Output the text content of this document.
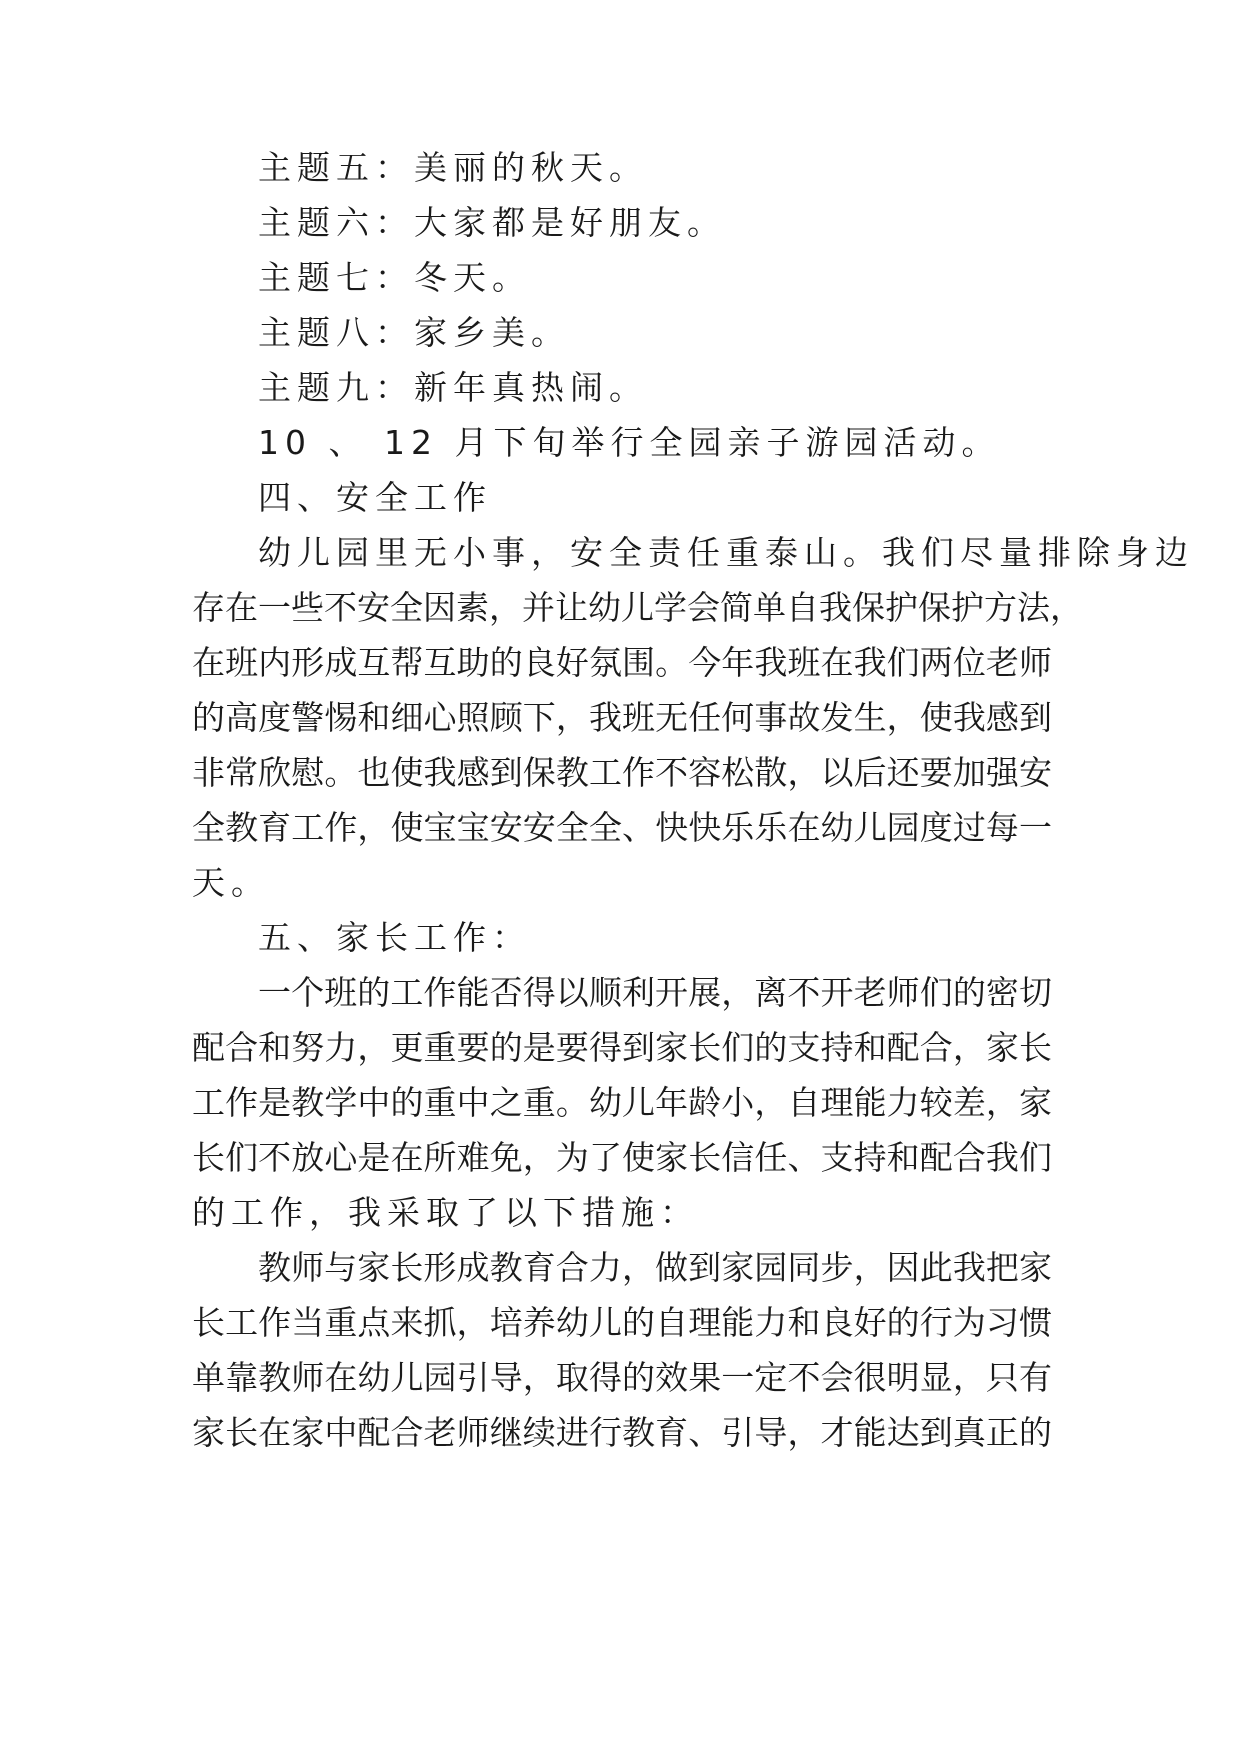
主题五：美丽的秋天。
主题六：大家都是好朋友。
主题七：冬天。
主题八：家乡美。
主题九：新年真热闹。
10 、 12 月下旬举行全园亲子游园活动。
四、安全工作
幼儿园里无小事，安全责任重泰山。我们尽量排除身边
存在一些不安全因素，并让幼儿学会简单自我保护保护方法，
在班内形成互帮互助的良好氛围。今年我班在我们两位老师
的高度警惕和细心照顾下，我班无任何事故发生，使我感到
非常欣慰。也使我感到保教工作不容松散，以后还要加强安
全教育工作，使宝宝安安全全、快快乐乐在幼儿园度过每一
天。
五、家长工作：
一个班的工作能否得以顺利开展，离不开老师们的密切
配合和努力，更重要的是要得到家长们的支持和配合，家长
工作是教学中的重中之重。幼儿年龄小，自理能力较差，家
长们不放心是在所难免，为了使家长信任、支持和配合我们
的工作，我采取了以下措施：
教师与家长形成教育合力，做到家园同步，因此我把家
长工作当重点来抓，培养幼儿的自理能力和良好的行为习惯
单靠教师在幼儿园引导，取得的效果一定不会很明显，只有
家长在家中配合老师继续进行教育、引导，才能达到真正的
